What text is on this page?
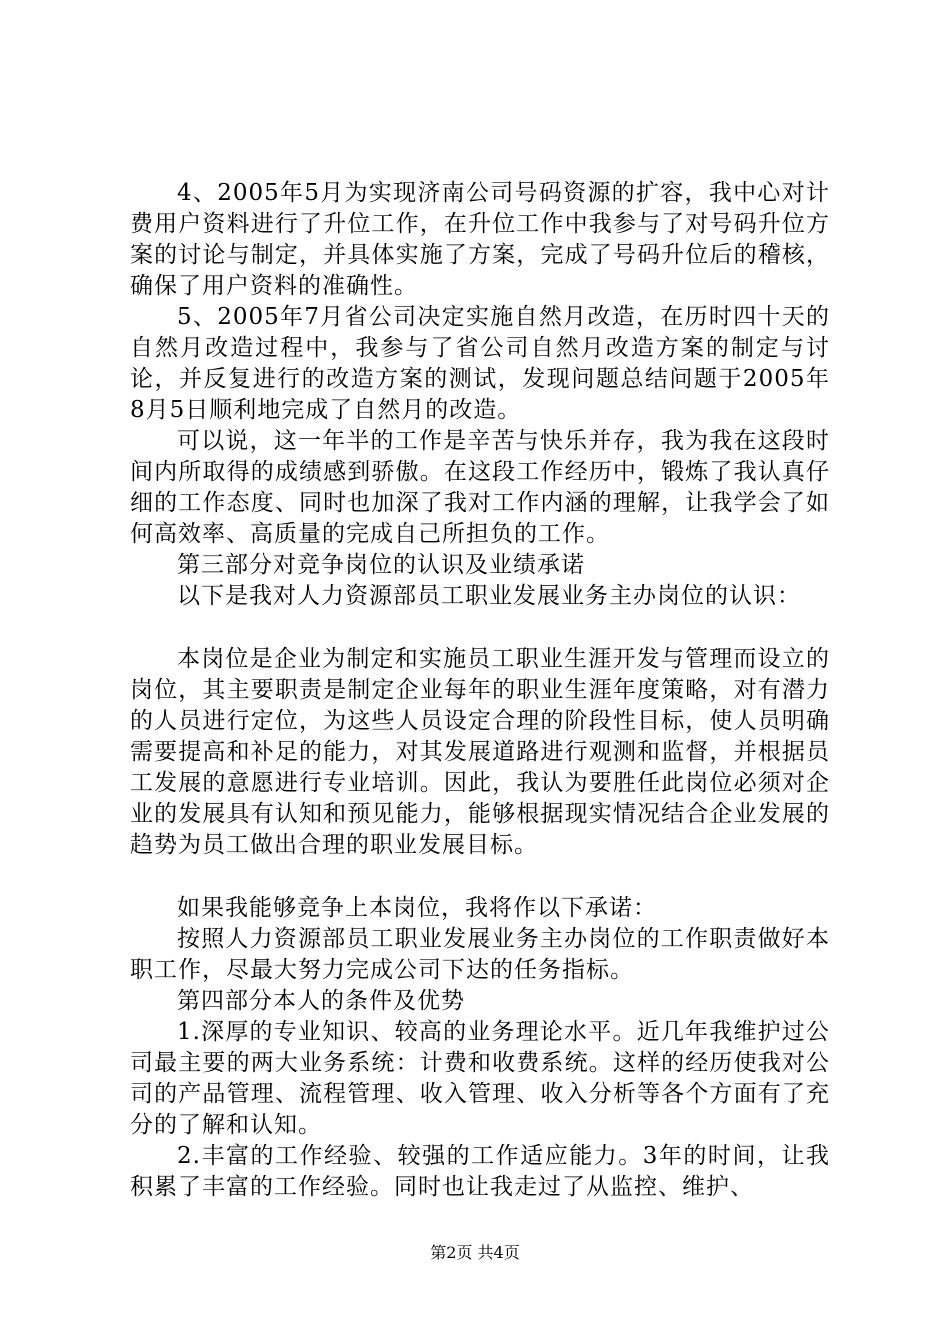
4、2005年5月为实现济南公司号码资源的扩容，我中心对计费用户资料进行了升位工作，在升位工作中我参与了对号码升位方案的讨论与制定，并具体实施了方案，完成了号码升位后的稽核，确保了用户资料的准确性。

5、2005年7月省公司决定实施自然月改造，在历时四十天的自然月改造过程中，我参与了省公司自然月改造方案的制定与讨论，并反复进行的改造方案的测试，发现问题总结问题于2005年8月5日顺利地完成了自然月的改造。

可以说，这一年半的工作是辛苦与快乐并存，我为我在这段时间内所取得的成绩感到骄傲。在这段工作经历中，锻炼了我认真仔细的工作态度、同时也加深了我对工作内涵的理解，让我学会了如何高效率、高质量的完成自己所担负的工作。

第三部分对竞争岗位的认识及业绩承诺

以下是我对人力资源部员工职业发展业务主办岗位的认识：

本岗位是企业为制定和实施员工职业生涯开发与管理而设立的岗位，其主要职责是制定企业每年的职业生涯年度策略，对有潜力的人员进行定位，为这些人员设定合理的阶段性目标，使人员明确需要提高和补足的能力，对其发展道路进行观测和监督，并根据员工发展的意愿进行专业培训。因此，我认为要胜任此岗位必须对企业的发展具有认知和预见能力，能够根据现实情况结合企业发展的趋势为员工做出合理的职业发展目标。

如果我能够竞争上本岗位，我将作以下承诺：

按照人力资源部员工职业发展业务主办岗位的工作职责做好本职工作，尽最大努力完成公司下达的任务指标。

第四部分本人的条件及优势

1.深厚的专业知识、较高的业务理论水平。近几年我维护过公司最主要的两大业务系统：计费和收费系统。这样的经历使我对公司的产品管理、流程管理、收入管理、收入分析等各个方面有了充分的了解和认知。

2.丰富的工作经验、较强的工作适应能力。3年的时间，让我积累了丰富的工作经验。同时也让我走过了从监控、维护、

第2页 共4页
